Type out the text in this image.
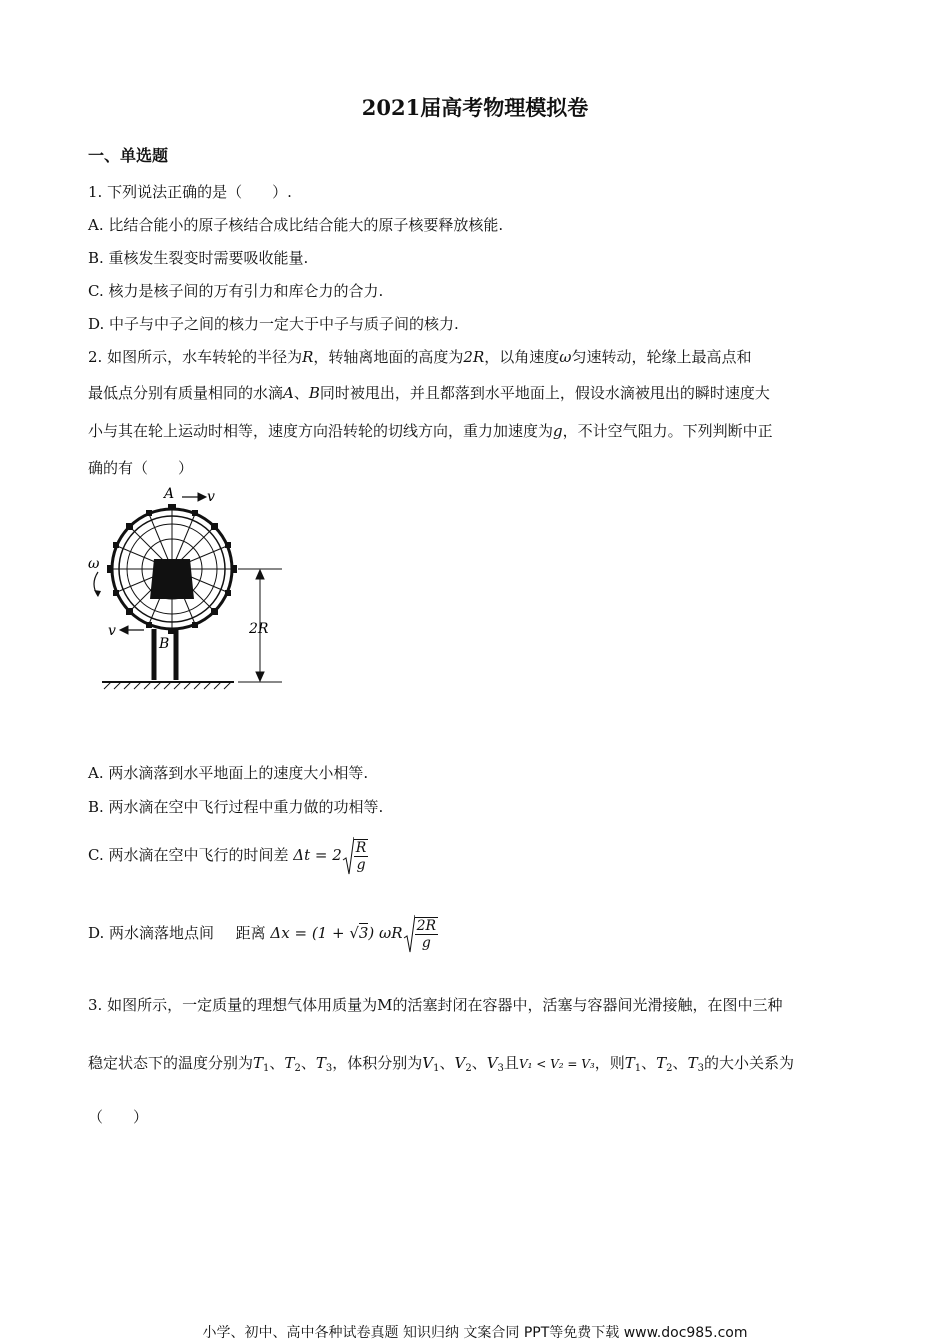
2021届高考物理模拟卷
一、单选题
1. 下列说法正确的是（　　）.
A. 比结合能小的原子核结合成比结合能大的原子核要释放核能.
B. 重核发生裂变时需要吸收能量.
C. 核力是核子间的万有引力和库仑力的合力.
D. 中子与中子之间的核力一定大于中子与质子间的核力.
2. 如图所示，水车转轮的半径为R，转轴离地面的高度为2R，以角速度ω匀速转动，轮缘上最高点和
最低点分别有质量相同的水滴A、B同时被甩出，并且都落到水平地面上，假设水滴被甩出的瞬时速度大
小与其在轮上运动时相等，速度方向沿转轮的切线方向，重力加速度为g，不计空气阻力。下列判断中正
确的有（　　）
A v
v
B
ω
2R
A. 两水滴落到水平地面上的速度大小相等.
B. 两水滴在空中飞行过程中重力做的功相等.
C. 两水滴在空中飞行的时间差 $\Delta t = 2 \frac{R}{g}$
D. 两水滴落地点间 距离 Δx = (1 + √3) ωR $\frac{2R}{g}$
3. 如图所示，一定质量的理想气体用质量为M的活塞封闭在容器中，活塞与容器间光滑接触，在图中三种
稳定状态下的温度分别为$T_1$、$T_2$、$T_3$，体积分别为$V_1$、$V_2$、$V_3$且V₁ < V₂ = V₃，则$T_1$、$T_2$、$T_3$的大小关系为
（　　）
小学、初中、高中各种试卷真题 知识归纳 文案合同 PPT等免费下载 www.doc985.com
